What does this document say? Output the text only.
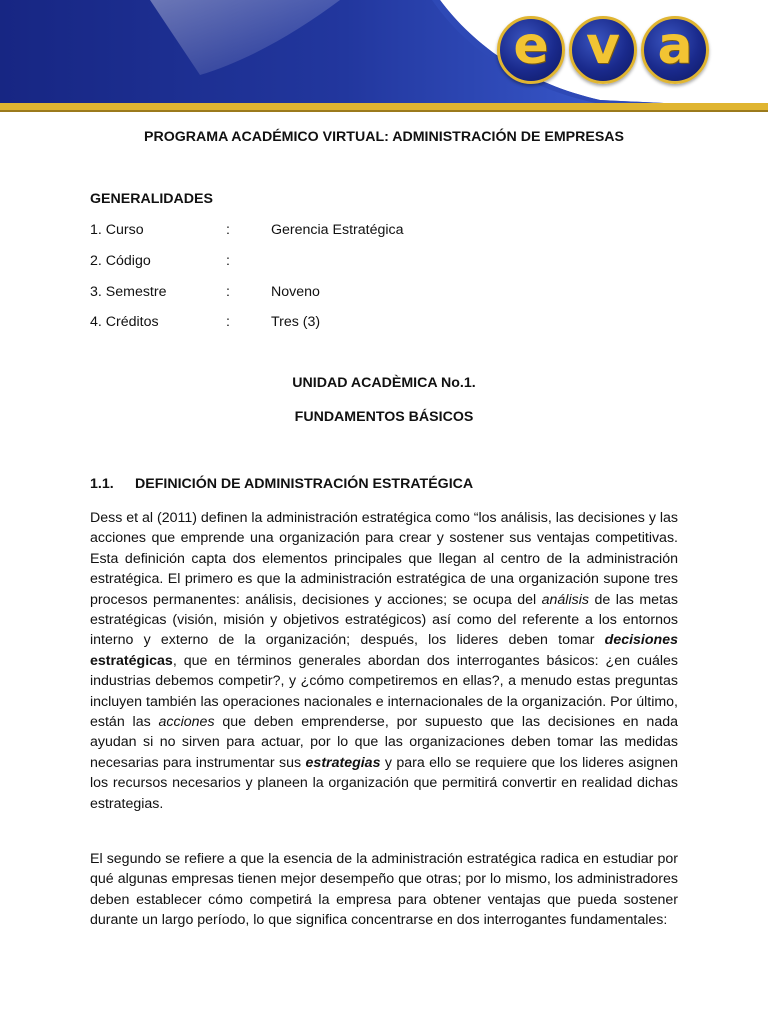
e v a
PROGRAMA ACADÉMICO VIRTUAL: ADMINISTRACIÓN DE EMPRESAS
GENERALIDADES
1. Curso	:	Gerencia Estratégica
2. Código	:
3. Semestre	:	Noveno
4. Créditos	:	Tres (3)
UNIDAD ACADÈMICA No.1.
FUNDAMENTOS BÁSICOS
1.1. DEFINICIÓN DE ADMINISTRACIÓN ESTRATÉGICA

Dess et al (2011) definen la administración estratégica como “los análisis, las decisiones y las acciones que emprende una organización para crear y sostener sus ventajas competitivas. Esta definición capta dos elementos principales que llegan al centro de la administración estratégica. El primero es que la administración estratégica de una organización supone tres procesos permanentes: análisis, decisiones y acciones; se ocupa del análisis de las metas estratégicas (visión, misión y objetivos estratégicos) así como del referente a los entornos interno y externo de la organización; después, los lideres deben tomar decisiones estratégicas, que en términos generales abordan dos interrogantes básicos: ¿en cuáles industrias debemos competir?, y ¿cómo competiremos en ellas?, a menudo estas preguntas incluyen también las operaciones nacionales e internacionales de la organización. Por último, están las acciones que deben emprenderse, por supuesto que las decisiones en nada ayudan si no sirven para actuar, por lo que las organizaciones deben tomar las medidas necesarias para instrumentar sus estrategias y para ello se requiere que los lideres asignen los recursos necesarios y planeen la organización que permitirá convertir en realidad dichas estrategias.

El segundo se refiere a que la esencia de la administración estratégica radica en estudiar por qué algunas empresas tienen mejor desempeño que otras; por lo mismo, los administradores deben establecer cómo competirá la empresa para obtener ventajas que pueda sostener durante un largo período, lo que significa concentrarse en dos interrogantes fundamentales:
